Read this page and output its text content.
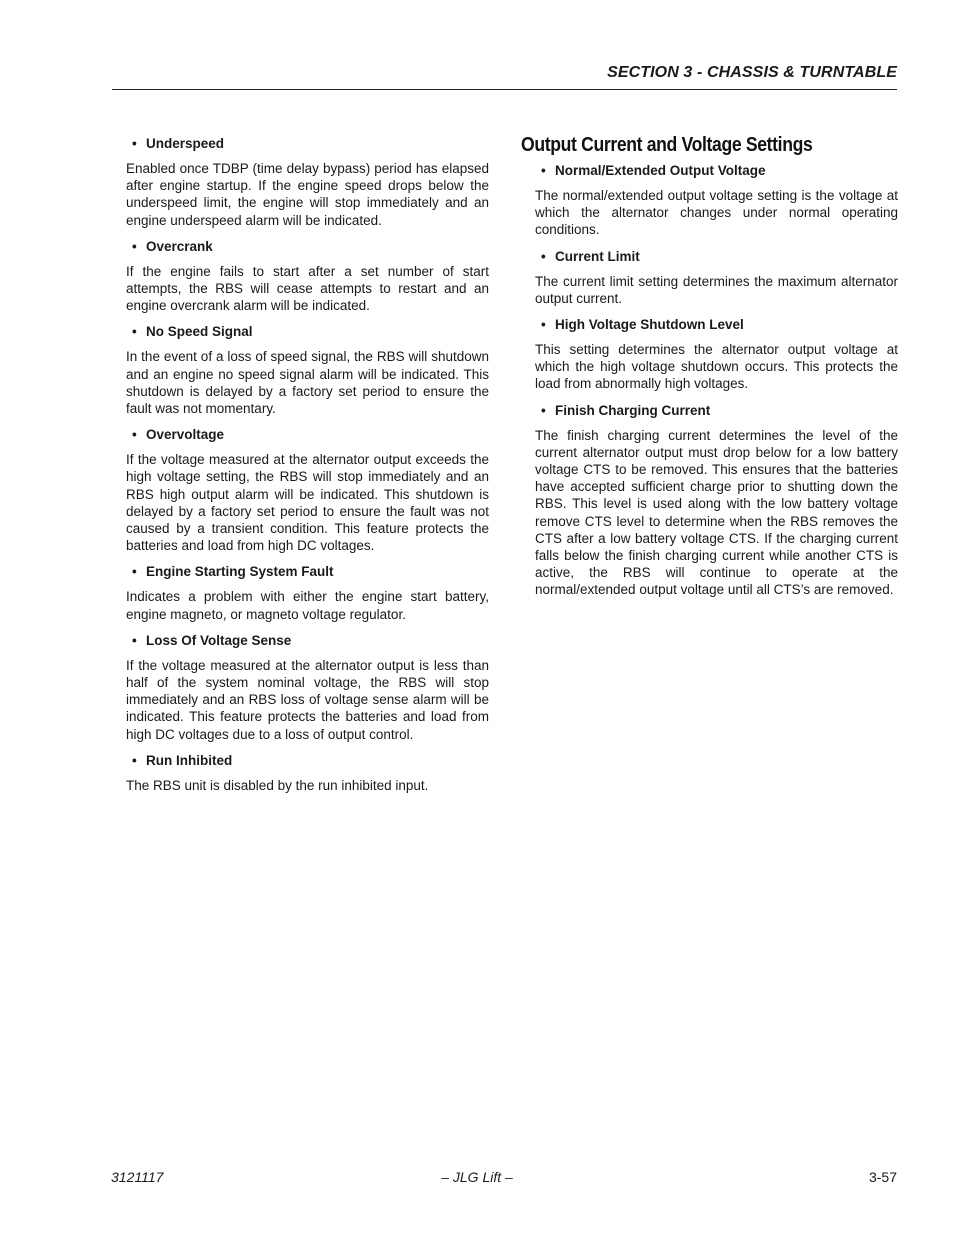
SECTION 3 - CHASSIS & TURNTABLE
• Underspeed

Enabled once TDBP (time delay bypass) period has elapsed after engine startup. If the engine speed drops below the underspeed limit, the engine will stop immediately and an engine underspeed alarm will be indicated.

• Overcrank

If the engine fails to start after a set number of start attempts, the RBS will cease attempts to restart and an engine overcrank alarm will be indicated.

• No Speed Signal

In the event of a loss of speed signal, the RBS will shutdown and an engine no speed signal alarm will be indicated. This shutdown is delayed by a factory set period to ensure the fault was not momentary.

• Overvoltage

If the voltage measured at the alternator output exceeds the high voltage setting, the RBS will stop immediately and an RBS high output alarm will be indicated. This shutdown is delayed by a factory set period to ensure the fault was not caused by a transient condition. This feature protects the batteries and load from high DC voltages.

• Engine Starting System Fault

Indicates a problem with either the engine start battery, engine magneto, or magneto voltage regulator.

• Loss Of Voltage Sense

If the voltage measured at the alternator output is less than half of the system nominal voltage, the RBS will stop immediately and an RBS loss of voltage sense alarm will be indicated. This feature protects the batteries and load from high DC voltages due to a loss of output control.

• Run Inhibited

The RBS unit is disabled by the run inhibited input.

Output Current and Voltage Settings
• Normal/Extended Output Voltage

The normal/extended output voltage setting is the voltage at which the alternator changes under normal operating conditions.

• Current Limit

The current limit setting determines the maximum alternator output current.

• High Voltage Shutdown Level

This setting determines the alternator output voltage at which the high voltage shutdown occurs. This protects the load from abnormally high voltages.

• Finish Charging Current

The finish charging current determines the level of the current alternator output must drop below for a low battery voltage CTS to be removed. This ensures that the batteries have accepted sufficient charge prior to shutting down the RBS. This level is used along with the low battery voltage remove CTS level to determine when the RBS removes the CTS after a low battery voltage CTS. If the charging current falls below the finish charging current while another CTS is active, the RBS will continue to operate at the normal/extended output voltage until all CTS’s are removed.

3121117	– JLG Lift –	3-57
